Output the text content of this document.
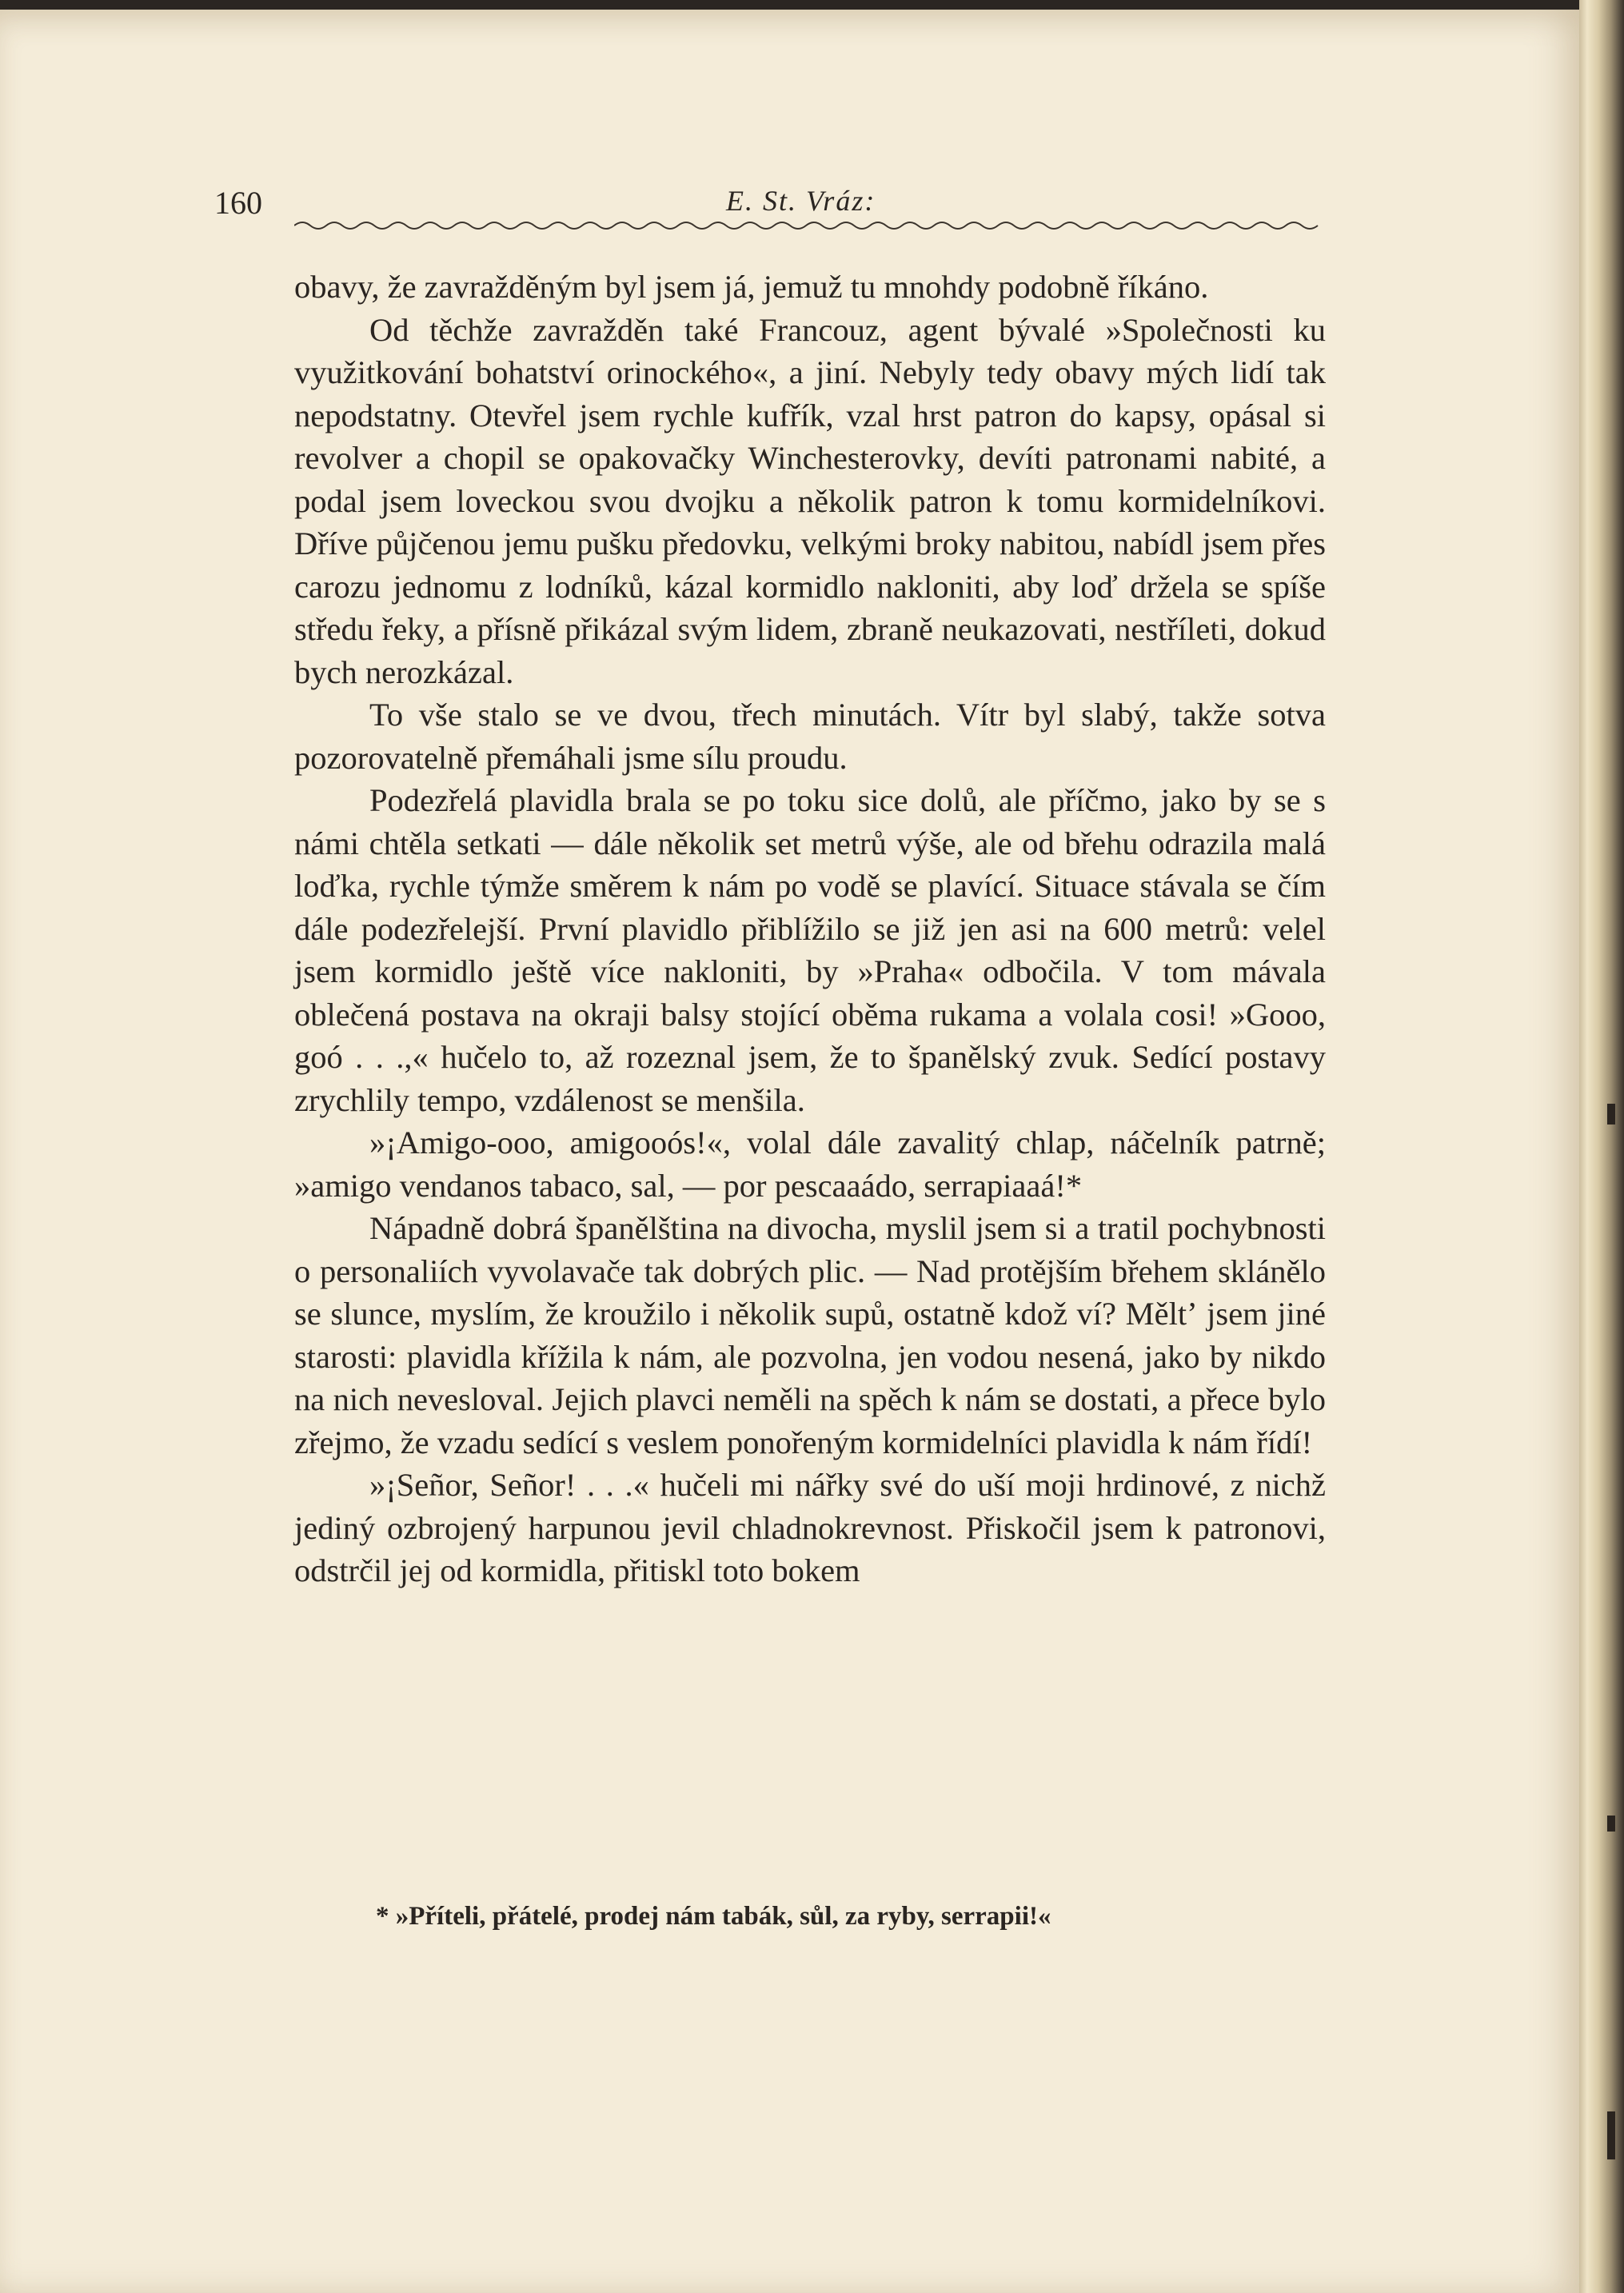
160	E. St. Vráz:

obavy, že zavražděným byl jsem já, jemuž tu mnohdy podobně říkáno.

Od těchže zavražděn také Francouz, agent bývalé »Společnosti ku využitkování bohatství orinockého«, a jiní. Nebyly tedy obavy mých lidí tak nepodstatny. Otevřel jsem rychle kufřík, vzal hrst patron do kapsy, opásal si revolver a chopil se opakovačky Winchesterovky, devíti patronami nabité, a podal jsem loveckou svou dvojku a několik patron k tomu kormidelníkovi. Dříve půjčenou jemu pušku předovku, velkými broky nabitou, nabídl jsem přes carozu jednomu z lodníků, kázal kormidlo nakloniti, aby loď držela se spíše středu řeky, a přísně přikázal svým lidem, zbraně neukazovati, nestříleti, dokud bych nerozkázal.

To vše stalo se ve dvou, třech minutách. Vítr byl slabý, takže sotva pozorovatelně přemáhali jsme sílu proudu.

Podezřelá plavidla brala se po toku sice dolů, ale příčmo, jako by se s námi chtěla setkati — dále několik set metrů výše, ale od břehu odrazila malá loďka, rychle týmže směrem k nám po vodě se plavící. Situace stávala se čím dále podezřelejší. První plavidlo přiblížilo se již jen asi na 600 metrů: velel jsem kormidlo ještě více nakloniti, by »Praha« odbočila. V tom mávala oblečená postava na okraji balsy stojící oběma rukama a volala cosi! »Gooo, goó . . .,« hučelo to, až rozeznal jsem, že to španělský zvuk. Sedící postavy zrychlily tempo, vzdálenost se menšila.

»¡Amigo-ooo, amigooós!«, volal dále zavalitý chlap, náčelník patrně; »amigo vendanos tabaco, sal, — por pescaaádo, serrapiaaá!*

Nápadně dobrá španělština na divocha, myslil jsem si a tratil pochybnosti o personaliích vyvolavače tak dobrých plic. — Nad protějším břehem sklánělo se slunce, myslím, že kroužilo i několik supů, ostatně kdož ví? Měltʼ jsem jiné starosti: plavidla křížila k nám, ale pozvolna, jen vodou nesená, jako by nikdo na nich nevesloval. Jejich plavci neměli na spěch k nám se dostati, a přece bylo zřejmo, že vzadu sedící s veslem ponořeným kormidelníci plavidla k nám řídí!

»¡Señor, Señor! . . .« hučeli mi nářky své do uší moji hrdinové, z nichž jediný ozbrojený harpunou jevil chladnokrevnost. Přiskočil jsem k patronovi, odstrčil jej od kormidla, přitiskl toto bokem

* »Příteli, přátelé, prodej nám tabák, sůl, za ryby, serrapii!«
